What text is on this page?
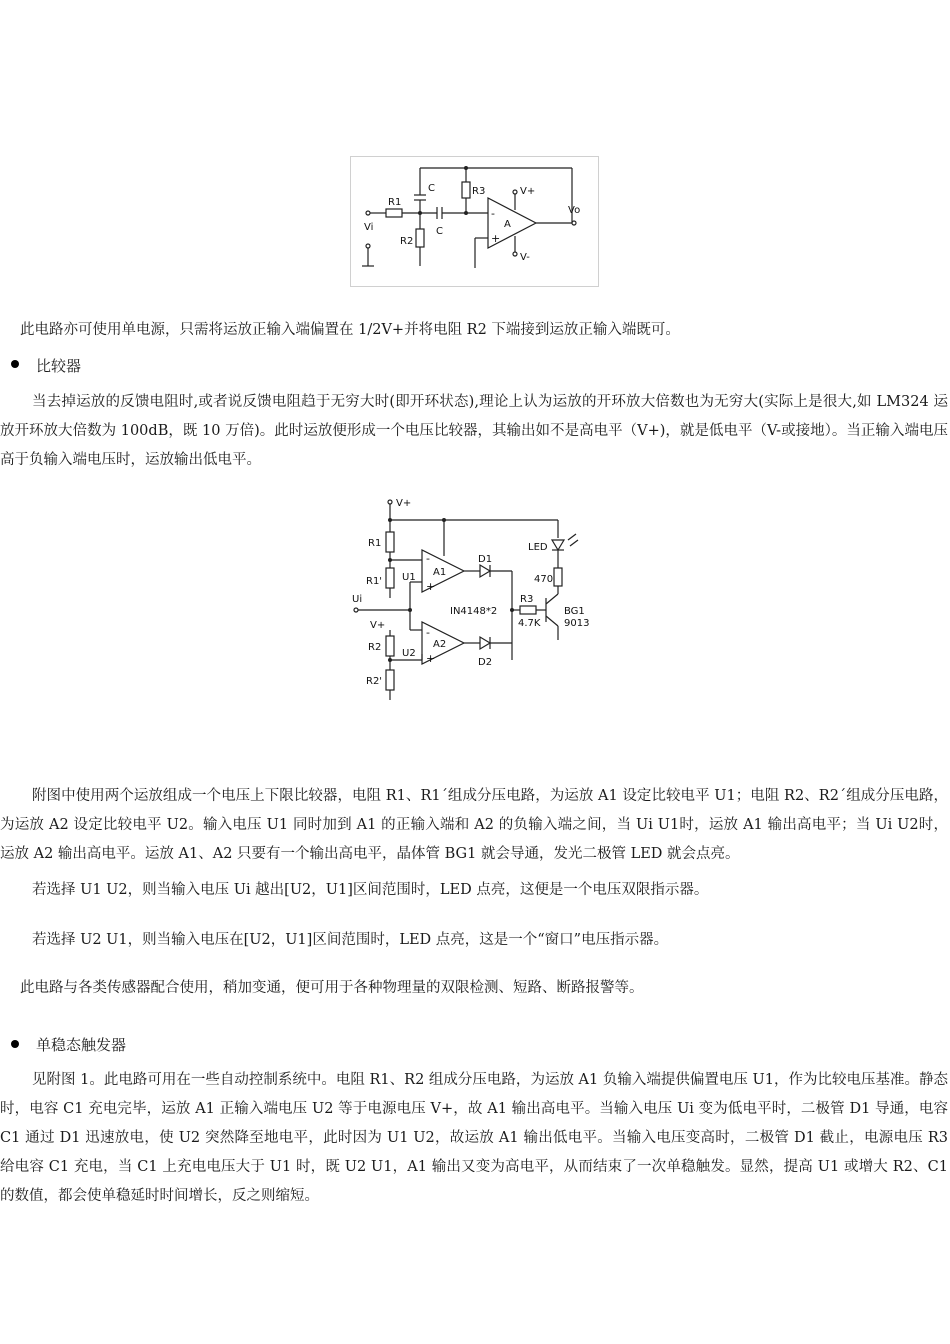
C	R3	V+
R1
Vi	C
R2
-
A
+
Vo
V-
此电路亦可使用单电源，只需将运放正输入端偏置在 1/2V+并将电阻 R2 下端接到运放正输入端既可。
比较器
当去掉运放的反馈电阻时,或者说反馈电阻趋于无穷大时(即开环状态),理论上认为运放的开环放大倍数也为无穷大(实际上是很大,如 LM324 运放开环放大倍数为 100dB，既 10 万倍)。此时运放便形成一个电压比较器，其输出如不是高电平（V+)，就是低电平（V-或接地）。当正输入端电压高于负输入端电压时，运放输出低电平。
V+
R1
R1' U1
-
A1
+
D1
LED
470
Ui
IN4148*2
R3
4.7K
BG1
9013
V+
R2
U2
-
A2
+	D2
R2'
附图中使用两个运放组成一个电压上下限比较器，电阻 R1、R1´组成分压电路，为运放 A1 设定比较电平 U1；电阻 R2、R2´组成分压电路，为运放 A2 设定比较电平 U2。输入电压 U1 同时加到 A1 的正输入端和 A2 的负输入端之间，当 Ui U1时，运放 A1 输出高电平；当 Ui U2时，运放 A2 输出高电平。运放 A1、A2 只要有一个输出高电平，晶体管 BG1 就会导通，发光二极管 LED 就会点亮。
若选择 U1 U2，则当输入电压 Ui 越出[U2，U1]区间范围时，LED 点亮，这便是一个电压双限指示器。
若选择 U2 U1，则当输入电压在[U2，U1]区间范围时，LED 点亮，这是一个“窗口”电压指示器。
此电路与各类传感器配合使用，稍加变通，便可用于各种物理量的双限检测、短路、断路报警等。
单稳态触发器
见附图 1。此电路可用在一些自动控制系统中。电阻 R1、R2 组成分压电路，为运放 A1 负输入端提供偏置电压 U1，作为比较电压基准。静态时，电容 C1 充电完毕，运放 A1 正输入端电压 U2 等于电源电压 V+，故 A1 输出高电平。当输入电压 Ui 变为低电平时，二极管 D1 导通，电容 C1 通过 D1 迅速放电，使 U2 突然降至地电平，此时因为 U1 U2，故运放 A1 输出低电平。当输入电压变高时，二极管 D1 截止，电源电压 R3 给电容 C1 充电，当 C1 上充电电压大于 U1 时，既 U2 U1，A1 输出又变为高电平，从而结束了一次单稳触发。显然，提高 U1 或增大 R2、C1 的数值，都会使单稳延时时间增长，反之则缩短。
